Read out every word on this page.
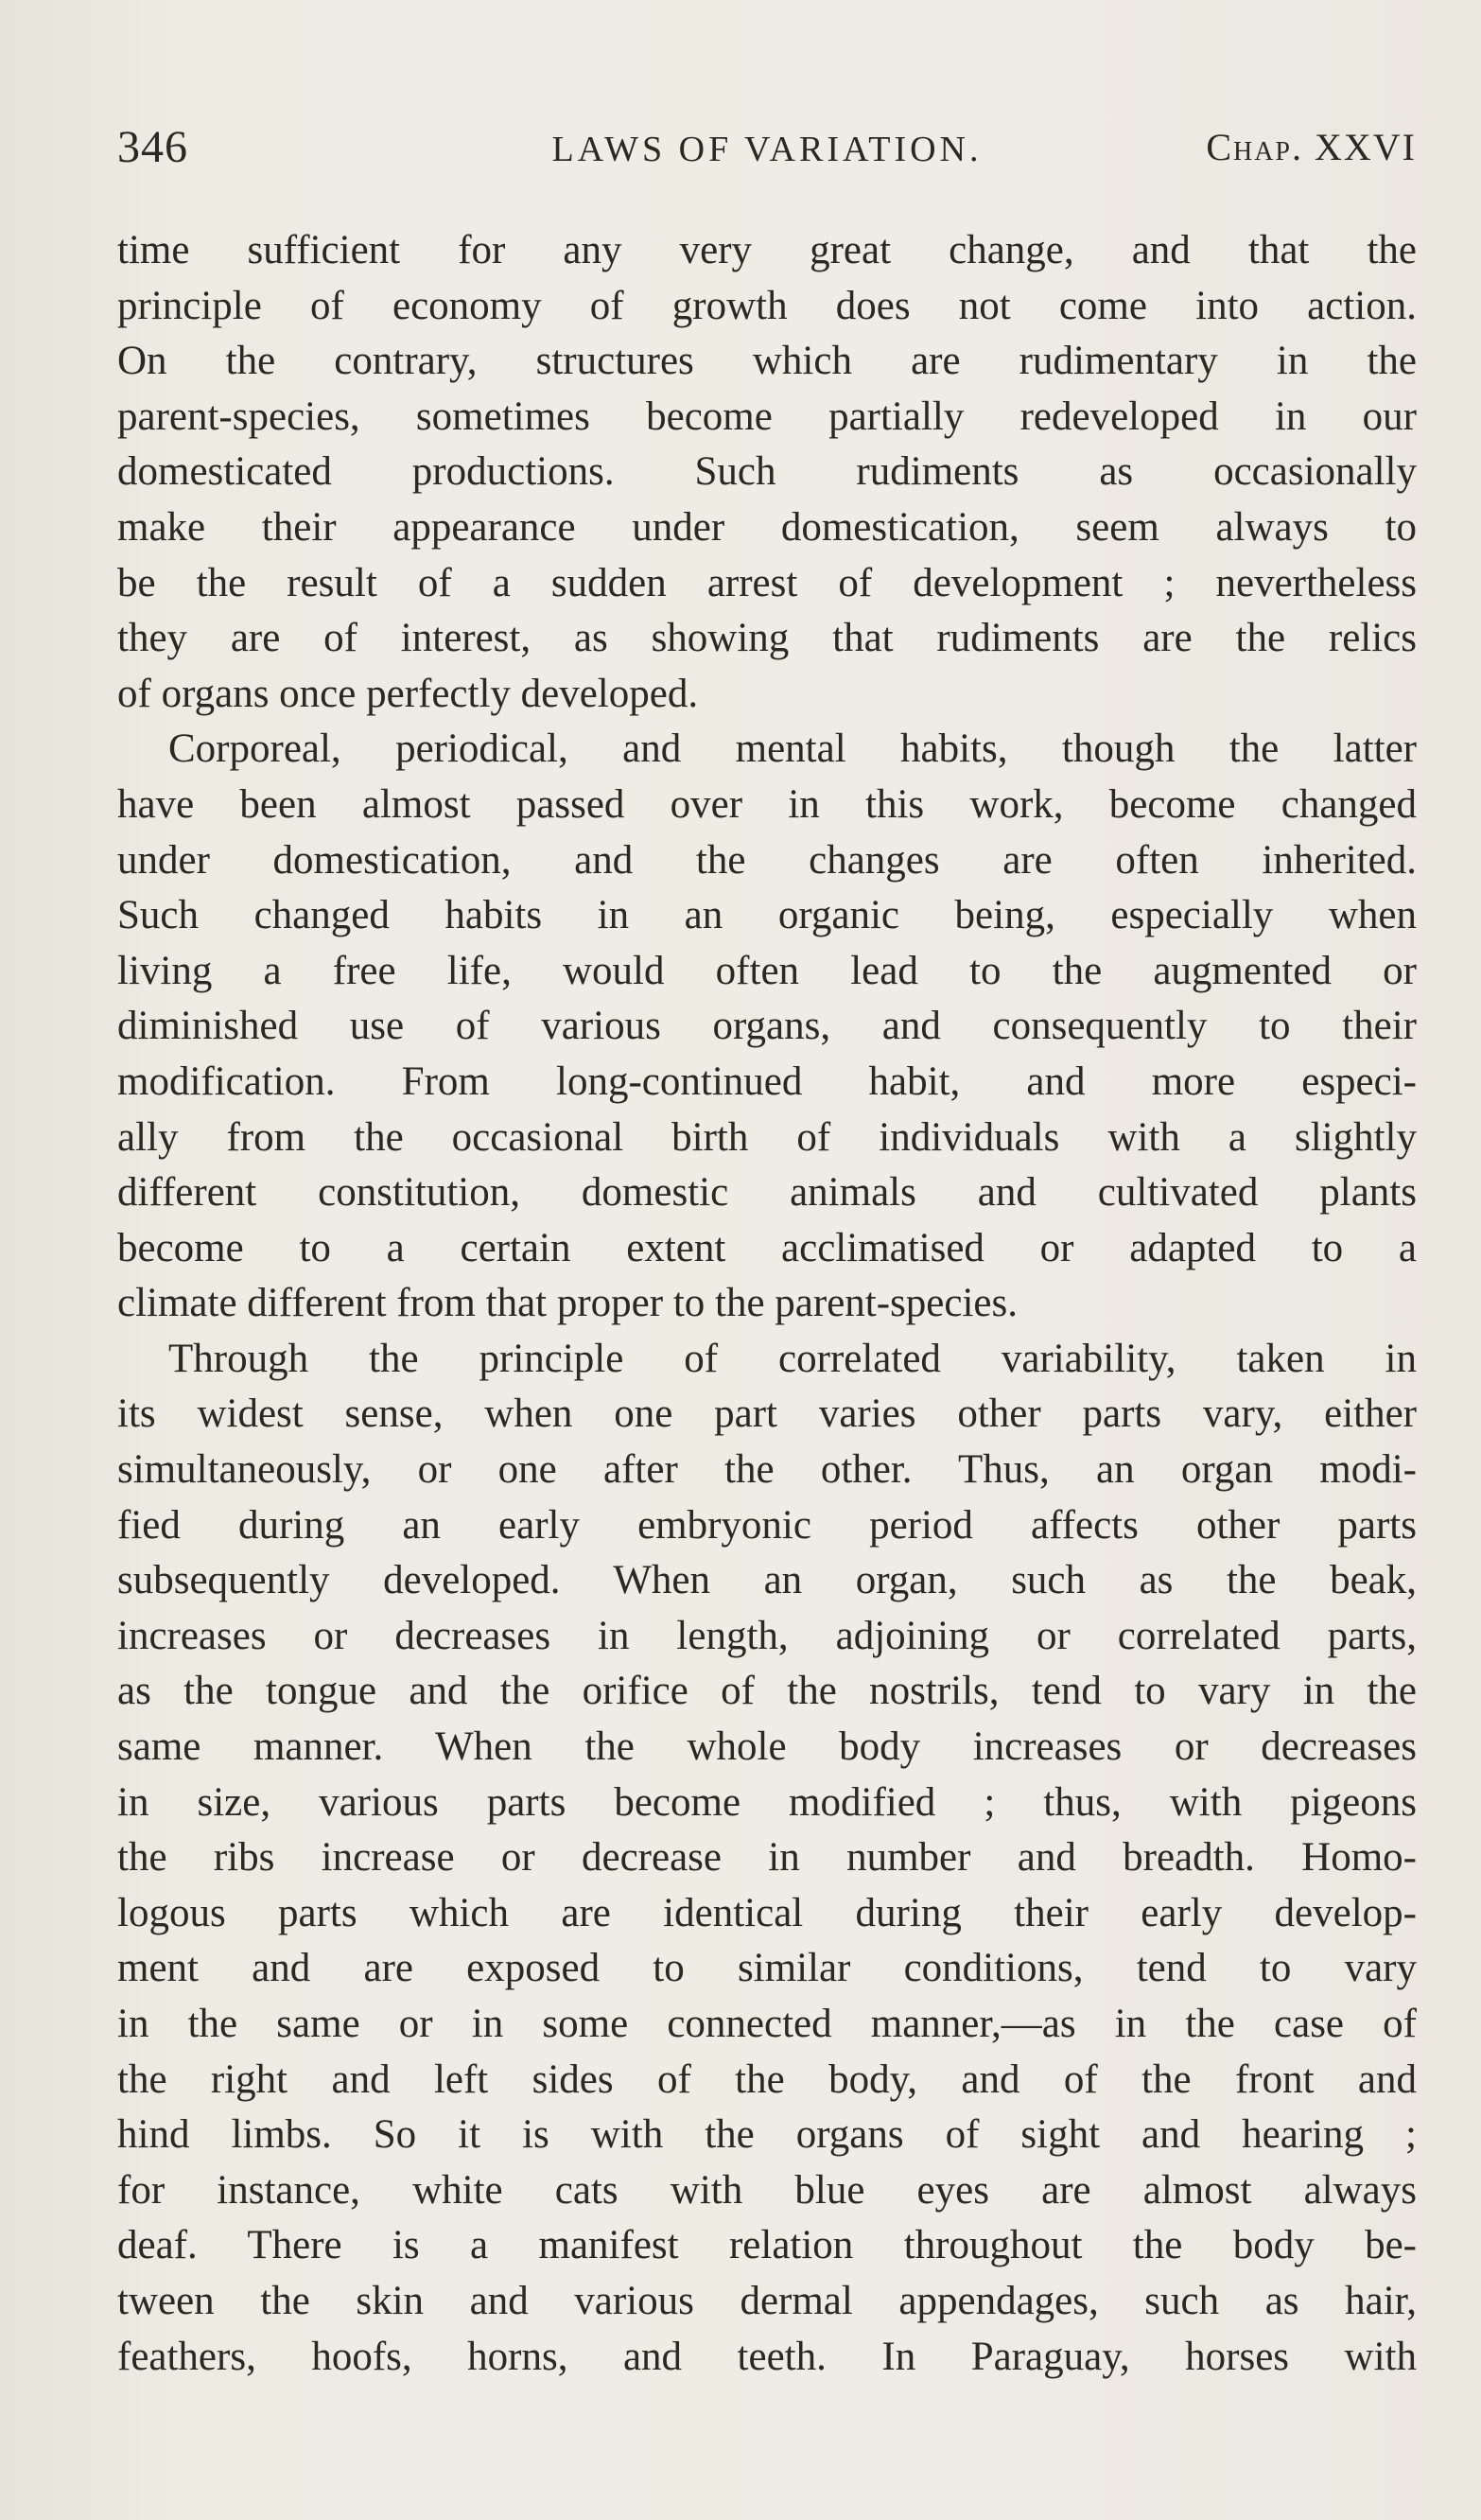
346	LAWS OF VARIATION.	Chap. XXVI
time sufficient for any very great change, and that the
principle of economy of growth does not come into action.
On the contrary, structures which are rudimentary in the
parent-species, sometimes become partially redeveloped in our
domesticated productions. Such rudiments as occasionally
make their appearance under domestication, seem always to
be the result of a sudden arrest of development ; nevertheless
they are of interest, as showing that rudiments are the relics
of organs once perfectly developed.
Corporeal, periodical, and mental habits, though the latter
have been almost passed over in this work, become changed
under domestication, and the changes are often inherited.
Such changed habits in an organic being, especially when
living a free life, would often lead to the augmented or
diminished use of various organs, and consequently to their
modification. From long-continued habit, and more especi-
ally from the occasional birth of individuals with a slightly
different constitution, domestic animals and cultivated plants
become to a certain extent acclimatised or adapted to a
climate different from that proper to the parent-species.
Through the principle of correlated variability, taken in
its widest sense, when one part varies other parts vary, either
simultaneously, or one after the other. Thus, an organ modi-
fied during an early embryonic period affects other parts
subsequently developed. When an organ, such as the beak,
increases or decreases in length, adjoining or correlated parts,
as the tongue and the orifice of the nostrils, tend to vary in the
same manner. When the whole body increases or decreases
in size, various parts become modified ; thus, with pigeons
the ribs increase or decrease in number and breadth. Homo-
logous parts which are identical during their early develop-
ment and are exposed to similar conditions, tend to vary
in the same or in some connected manner,—as in the case of
the right and left sides of the body, and of the front and
hind limbs. So it is with the organs of sight and hearing ;
for instance, white cats with blue eyes are almost always
deaf. There is a manifest relation throughout the body be-
tween the skin and various dermal appendages, such as hair,
feathers, hoofs, horns, and teeth. In Paraguay, horses with
